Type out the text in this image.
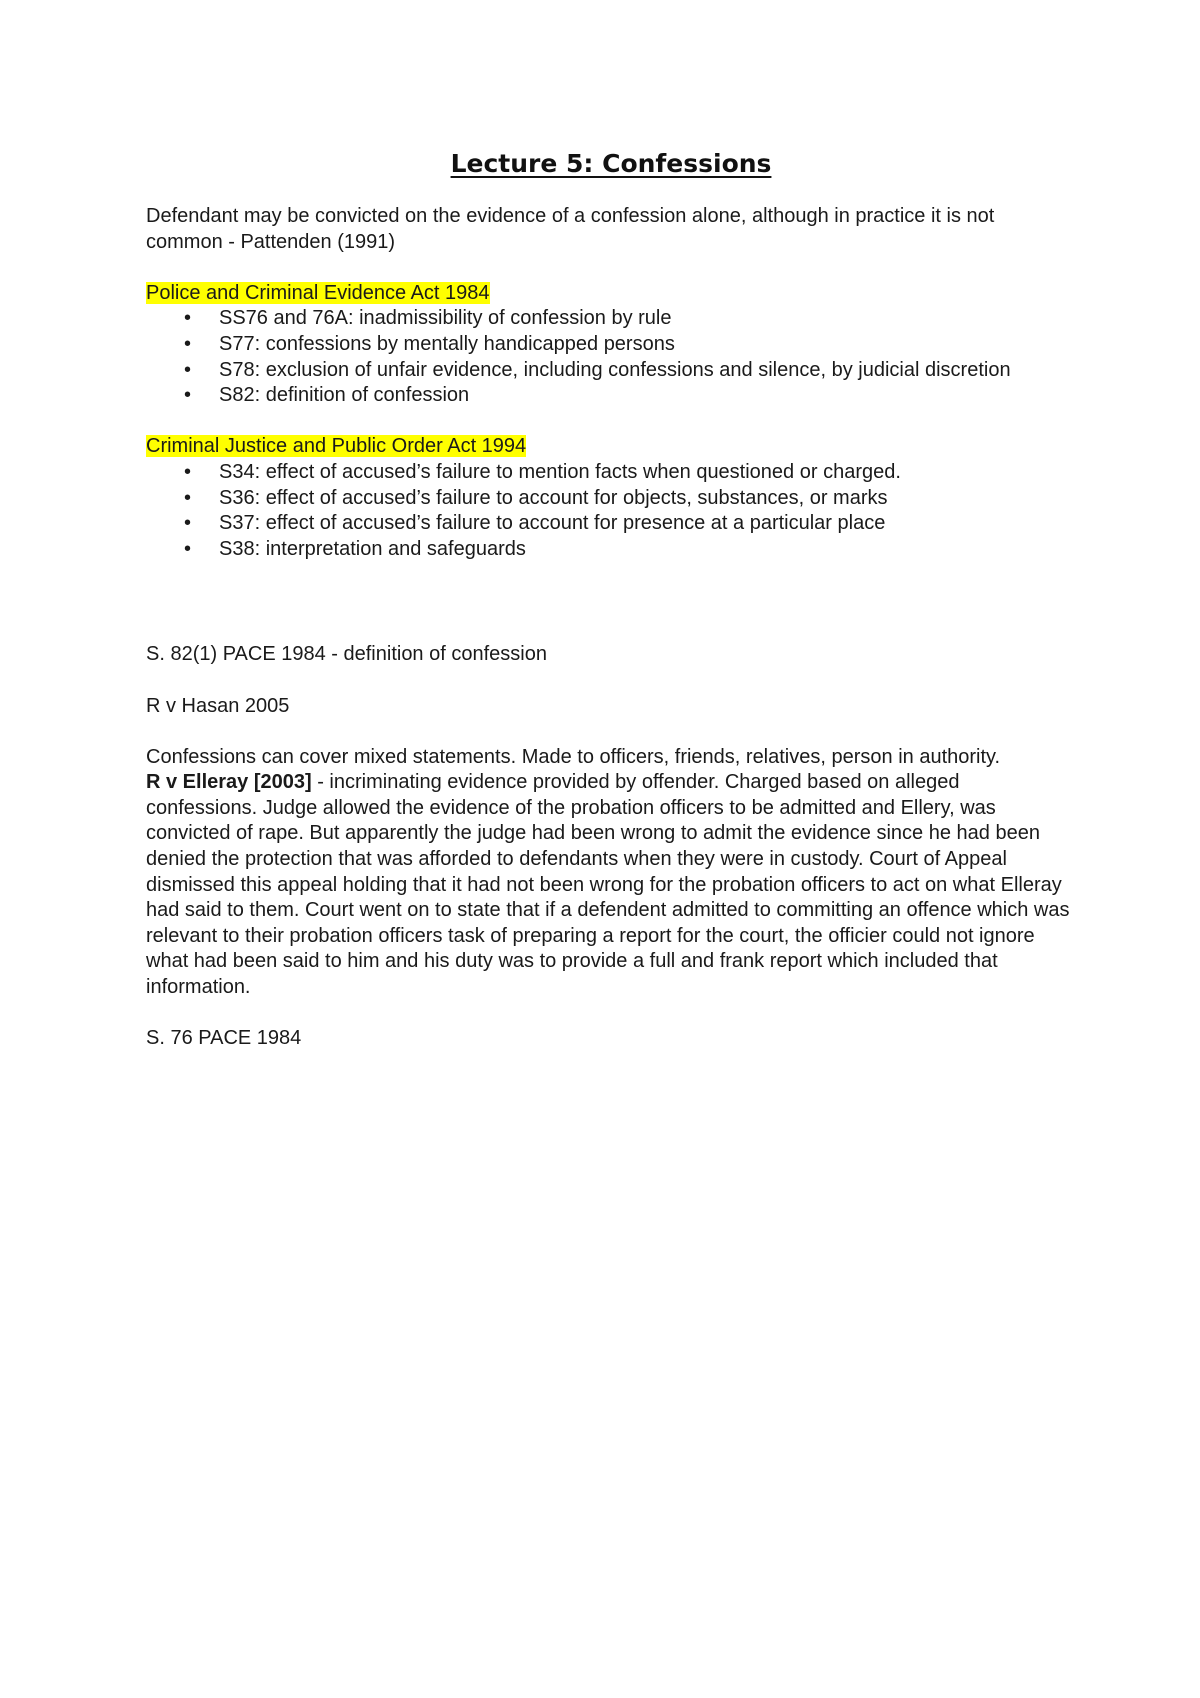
Lecture 5: Confessions

Defendant may be convicted on the evidence of a confession alone, although in practice it is not common - Pattenden (1991)

Police and Criminal Evidence Act 1984

• SS76 and 76A: inadmissibility of confession by rule
• S77: confessions by mentally handicapped persons
• S78: exclusion of unfair evidence, including confessions and silence, by judicial discretion
• S82: definition of confession

Criminal Justice and Public Order Act 1994

• S34: effect of accused’s failure to mention facts when questioned or charged.
• S36: effect of accused’s failure to account for objects, substances, or marks
• S37: effect of accused’s failure to account for presence at a particular place
• S38: interpretation and safeguards

S. 82(1) PACE 1984 - definition of confession

R v Hasan 2005

Confessions can cover mixed statements. Made to officers, friends, relatives, person in authority.

R v Elleray [2003] - incriminating evidence provided by offender. Charged based on alleged confessions. Judge allowed the evidence of the probation officers to be admitted and Ellery, was convicted of rape. But apparently the judge had been wrong to admit the evidence since he had been denied the protection that was afforded to defendants when they were in custody. Court of Appeal dismissed this appeal holding that it had not been wrong for the probation officers to act on what Elleray had said to them. Court went on to state that if a defendent admitted to committing an offence which was relevant to their probation officers task of preparing a report for the court, the officier could not ignore what had been said to him and his duty was to provide a full and frank report which included that information.

S. 76 PACE 1984
